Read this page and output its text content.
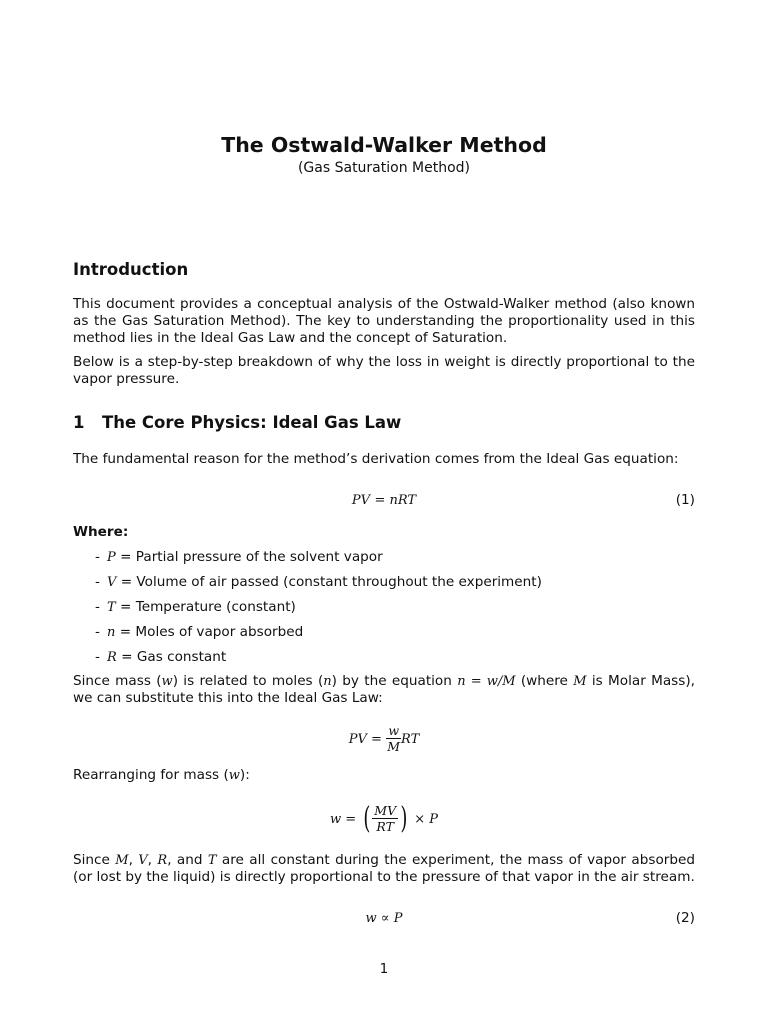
The Ostwald-Walker Method
(Gas Saturation Method)
Introduction
This document provides a conceptual analysis of the Ostwald-Walker method (also known as the Gas Saturation Method). The key to understanding the proportionality used in this method lies in the Ideal Gas Law and the concept of Saturation.
Below is a step-by-step breakdown of why the loss in weight is directly proportional to the vapor pressure.
1 The Core Physics: Ideal Gas Law
The fundamental reason for the method’s derivation comes from the Ideal Gas equation:
PV = nRT	(1)
Where:
- P = Partial pressure of the solvent vapor
- V = Volume of air passed (constant throughout the experiment)
- T = Temperature (constant)
- n = Moles of vapor absorbed
- R = Gas constant
Since mass (w) is related to moles (n) by the equation n = w/M (where M is Molar Mass), we can substitute this into the Ideal Gas Law:
PV = $\frac{w}{M}$ RT
Rearranging for mass (w):
w = ( $\frac{MV}{RT}$ ) × P
Since M, V, R, and T are all constant during the experiment, the mass of vapor absorbed (or lost by the liquid) is directly proportional to the pressure of that vapor in the air stream.
w ∝ P	(2)
1
